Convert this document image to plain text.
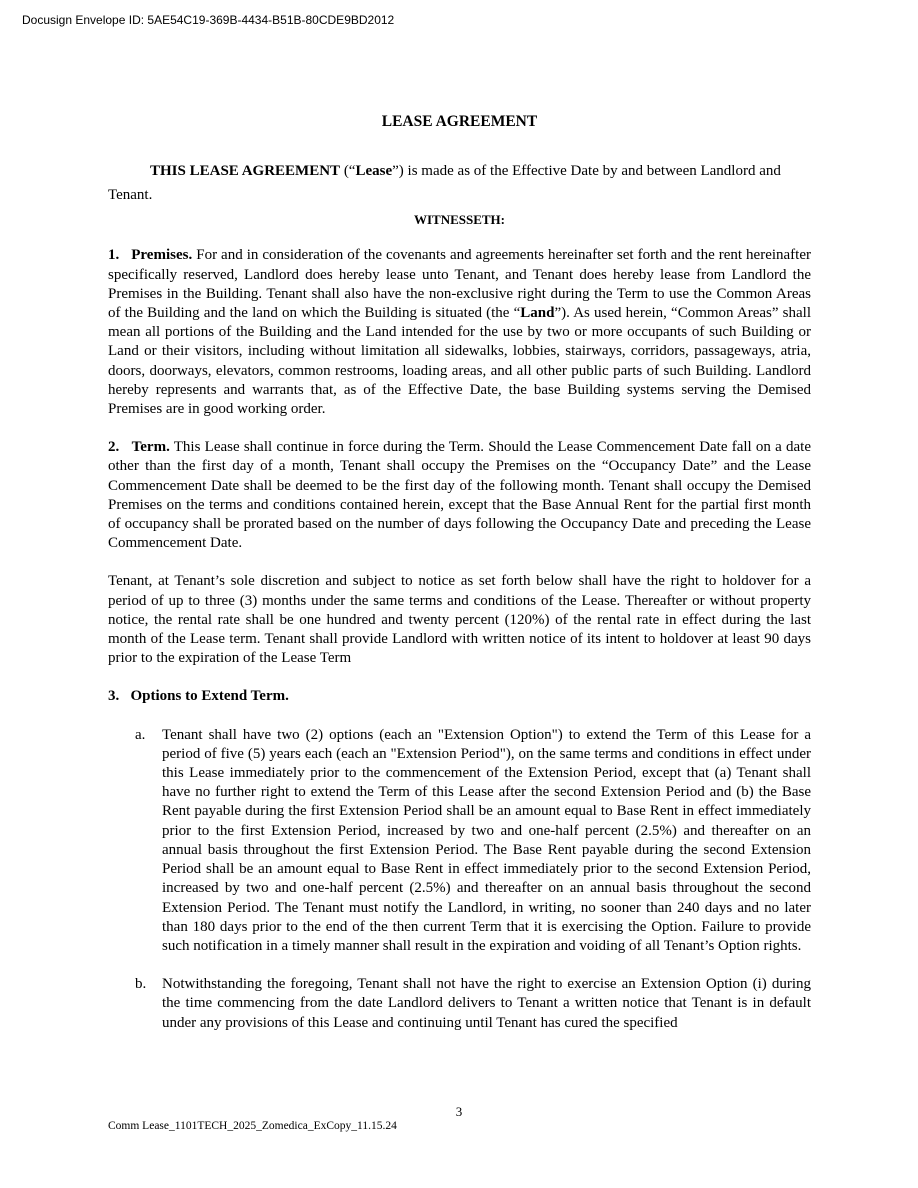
Docusign Envelope ID: 5AE54C19-369B-4434-B51B-80CDE9BD2012
LEASE AGREEMENT

THIS LEASE AGREEMENT (“Lease”) is made as of the Effective Date by and between Landlord and Tenant.

WITNESSETH:

1.   Premises. For and in consideration of the covenants and agreements hereinafter set forth and the rent hereinafter specifically reserved, Landlord does hereby lease unto Tenant, and Tenant does hereby lease from Landlord the Premises in the Building. Tenant shall also have the non-exclusive right during the Term to use the Common Areas of the Building and the land on which the Building is situated (the “Land”). As used herein, “Common Areas” shall mean all portions of the Building and the Land intended for the use by two or more occupants of such Building or Land or their visitors, including without limitation all sidewalks, lobbies, stairways, corridors, passageways, atria, doors, doorways, elevators, common restrooms, loading areas, and all other public parts of such Building. Landlord hereby represents and warrants that, as of the Effective Date, the base Building systems serving the Demised Premises are in good working order.

2.   Term. This Lease shall continue in force during the Term. Should the Lease Commencement Date fall on a date other than the first day of a month, Tenant shall occupy the Premises on the “Occupancy Date” and the Lease Commencement Date shall be deemed to be the first day of the following month. Tenant shall occupy the Demised Premises on the terms and conditions contained herein, except that the Base Annual Rent for the partial first month of occupancy shall be prorated based on the number of days following the Occupancy Date and preceding the Lease Commencement Date.

Tenant, at Tenant’s sole discretion and subject to notice as set forth below shall have the right to holdover for a period of up to three (3) months under the same terms and conditions of the Lease. Thereafter or without property notice, the rental rate shall be one hundred and twenty percent (120%) of the rental rate in effect during the last month of the Lease term. Tenant shall provide Landlord with written notice of its intent to holdover at least 90 days prior to the expiration of the Lease Term

3.   Options to Extend Term.
a. Tenant shall have two (2) options (each an "Extension Option") to extend the Term of this Lease for a period of five (5) years each (each an "Extension Period"), on the same terms and conditions in effect under this Lease immediately prior to the commencement of the Extension Period, except that (a) Tenant shall have no further right to extend the Term of this Lease after the second Extension Period and (b) the Base Rent payable during the first Extension Period shall be an amount equal to Base Rent in effect immediately prior to the first Extension Period, increased by two and one-half percent (2.5%) and thereafter on an annual basis throughout the first Extension Period. The Base Rent payable during the second Extension Period shall be an amount equal to Base Rent in effect immediately prior to the second Extension Period, increased by two and one-half percent (2.5%) and thereafter on an annual basis throughout the second Extension Period. The Tenant must notify the Landlord, in writing, no sooner than 240 days and no later than 180 days prior to the end of the then current Term that it is exercising the Option. Failure to provide such notification in a timely manner shall result in the expiration and voiding of all Tenant’s Option rights.
b. Notwithstanding the foregoing, Tenant shall not have the right to exercise an Extension Option (i) during the time commencing from the date Landlord delivers to Tenant a written notice that Tenant is in default under any provisions of this Lease and continuing until Tenant has cured the specified
3
Comm Lease_1101TECH_2025_Zomedica_ExCopy_11.15.24
